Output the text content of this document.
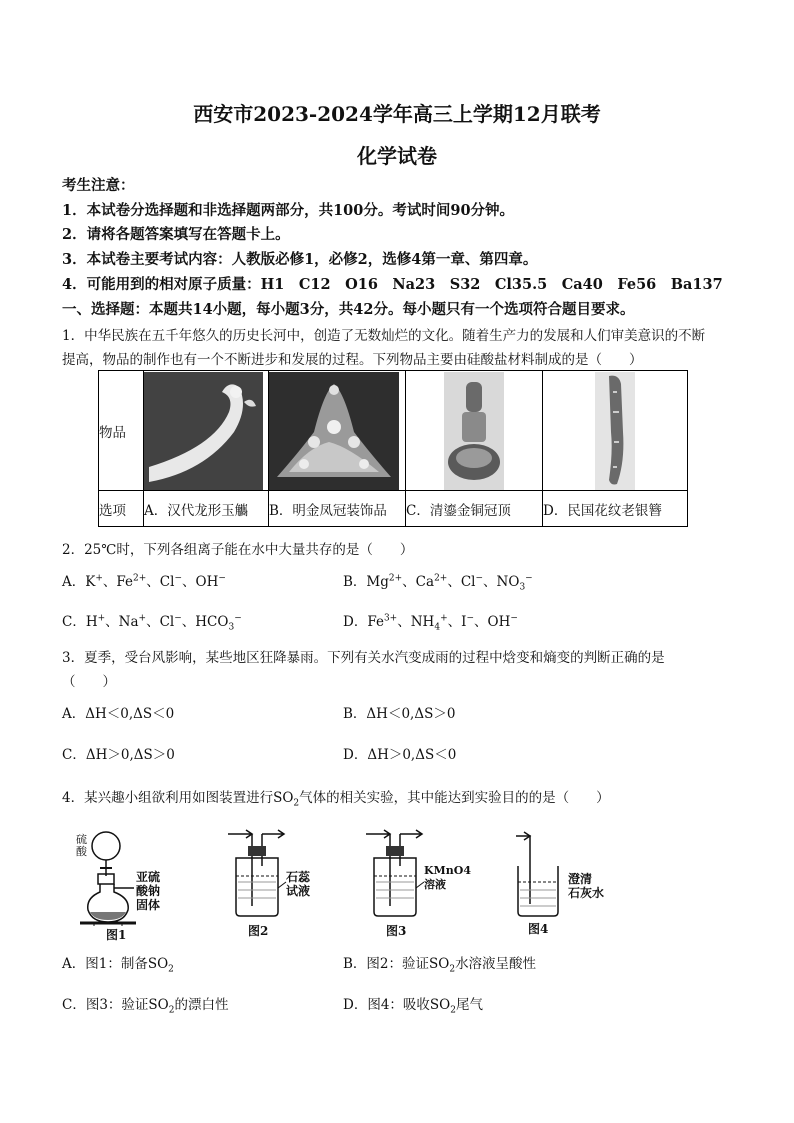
西安市2023-2024学年高三上学期12月联考
化学试卷
考生注意：
1．本试卷分选择题和非选择题两部分，共100分。考试时间90分钟。
2．请将各题答案填写在答题卡上。
3．本试卷主要考试内容：人教版必修1，必修2，选修4第一章、第四章。
4．可能用到的相对原子质量：H1　C12　O16　Na23　S32　Cl35.5　Ca40　Fe56　Ba137
一、选择题：本题共14小题，每小题3分，共42分。每小题只有一个选项符合题目要求。
1．中华民族在五千年悠久的历史长河中，创造了无数灿烂的文化。随着生产力的发展和人们审美意识的不断
提高，物品的制作也有一个不断进步和发展的过程。下列物品主要由硅酸盐材料制成的是（　　）
物品	

选项	A．汉代龙形玉觿	B．明金凤冠装饰品	C．清鎏金铜冠顶	D．民国花纹老银簪
2．25℃时，下列各组离子能在水中大量共存的是（　　）
A．K+、$Fe^{2+}$、Cl−、OH−	B．$Mg^{2+}$、$Ca^{2+}$、Cl−、$NO_3^-$
C．H+、Na+、Cl−、$HCO_3^-$	D．$Fe^{3+}$、$NH_4^+$、I−、OH−
3．夏季，受台风影响，某些地区狂降暴雨。下列有关水汽变成雨的过程中焓变和熵变的判断正确的是
（　　）
A．ΔH＜0,ΔS＜0	B．ΔH＜0,ΔS＞0
C．ΔH＞0,ΔS＞0	D．ΔH＞0,ΔS＜0
4．某兴趣小组欲利用如图装置进行$SO_2$气体的相关实验，其中能达到实验目的的是（　　）
硫酸
亚硫
酸钠
固体
图1
石蕊
试液
图2
KMnO4
溶液
图3
澄清
石灰水
图4
A．图1：制备$SO_2$	B．图2：验证$SO_2$水溶液呈酸性
C．图3：验证$SO_2$的漂白性	D．图4：吸收$SO_2$尾气
